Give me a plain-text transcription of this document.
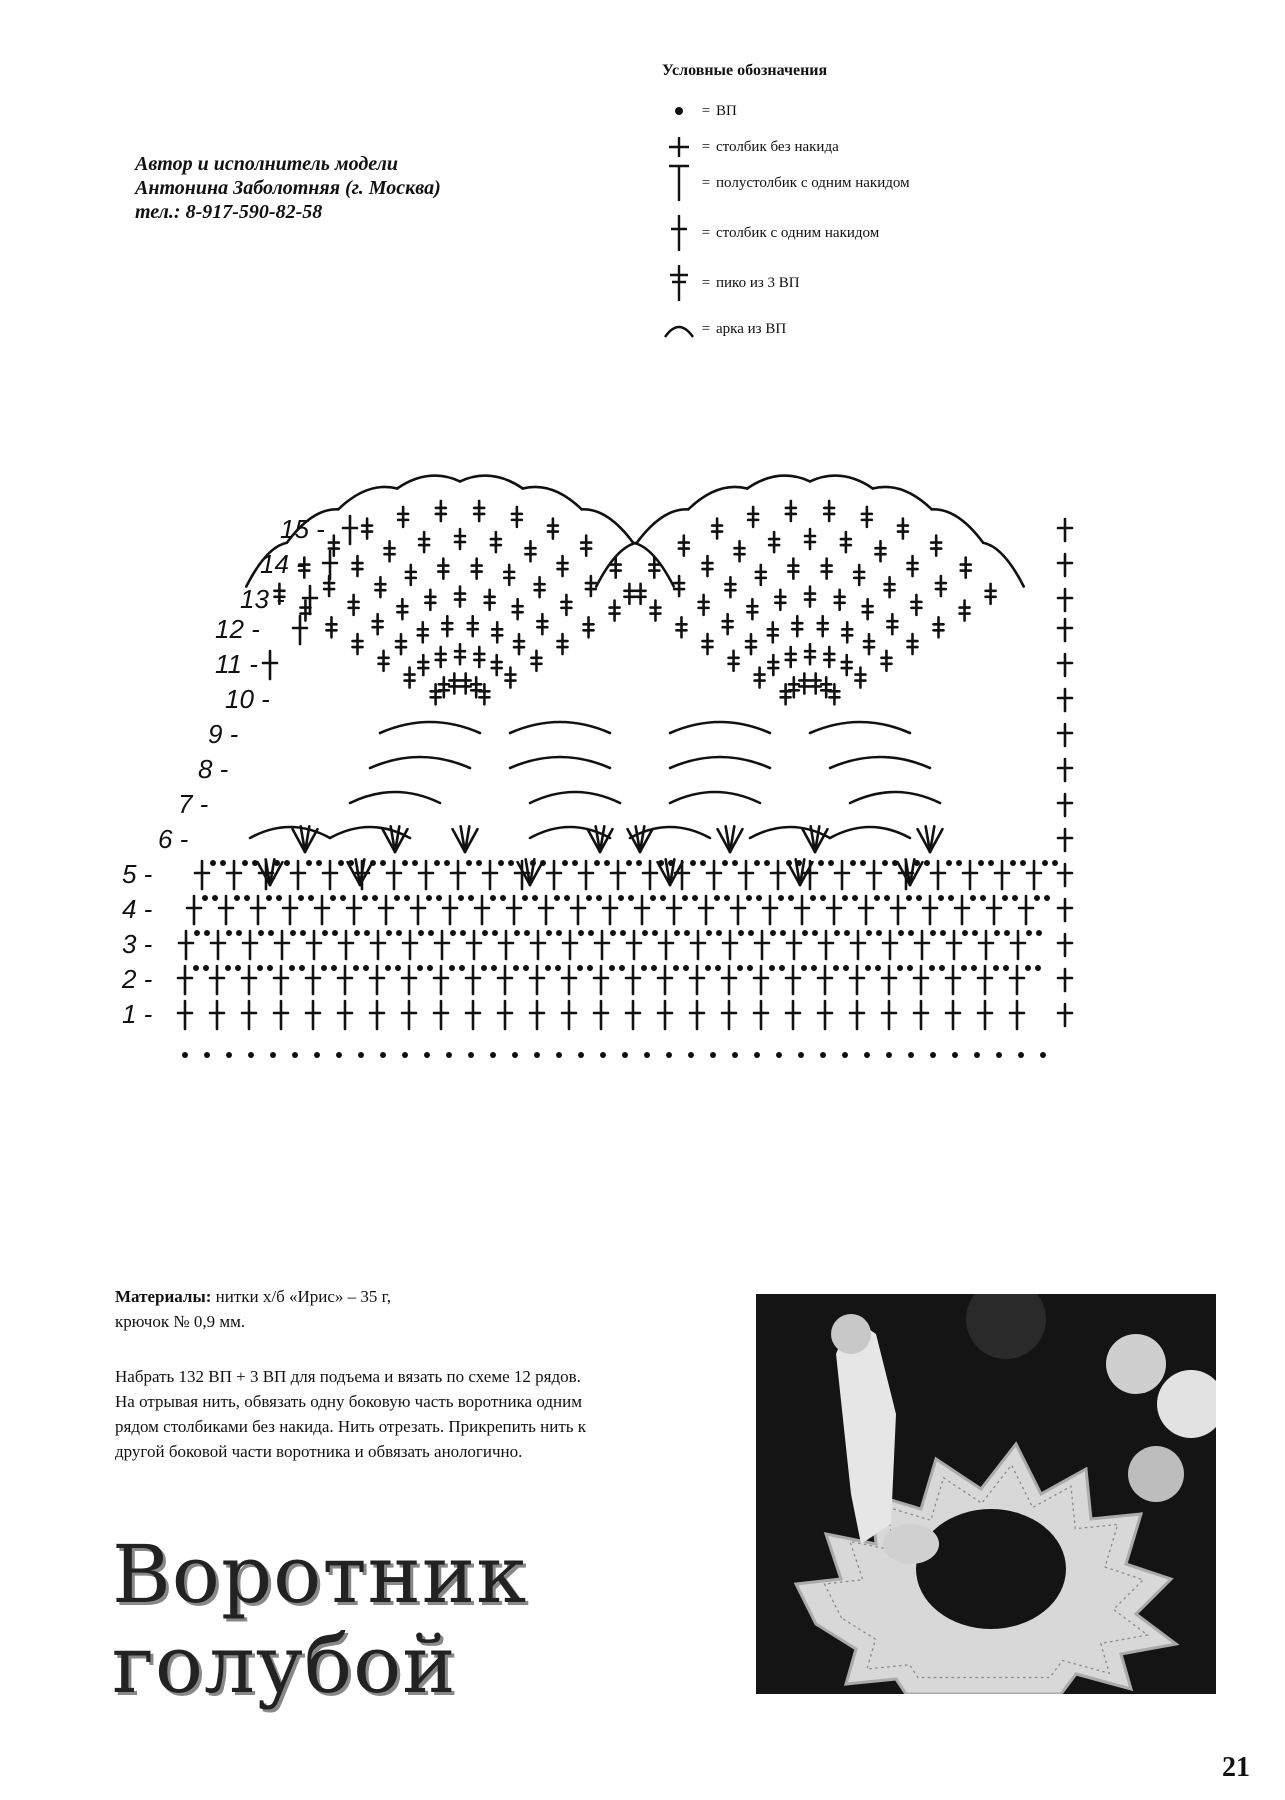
Автор и исполнитель модели
Антонина Заболотняя (г. Москва)
тел.: 8-917-590-82-58
Условные обозначения
= ВП
= столбик без накида
= полустолбик с одним накидом
= столбик с одним накидом
= пико из 3 ВП
= арка из ВП
1 -
2 -
3 -
4 -
5 -
6 -
7 -
8 -
9 -
10 -
11 -
12 -
13 -
14 -
15 -
Материалы: нитки х/б «Ирис» – 35 г,
крючок № 0,9 мм.
Набрать 132 ВП + 3 ВП для подъема и вязать по схеме 12 рядов.
На отрывая нить, обвязать одну боковую часть воротника одним
рядом столбиками без накида. Нить отрезать. Прикрепить нить к
другой боковой части воротника и обвязать анологично.
Воротник
голубой
21
